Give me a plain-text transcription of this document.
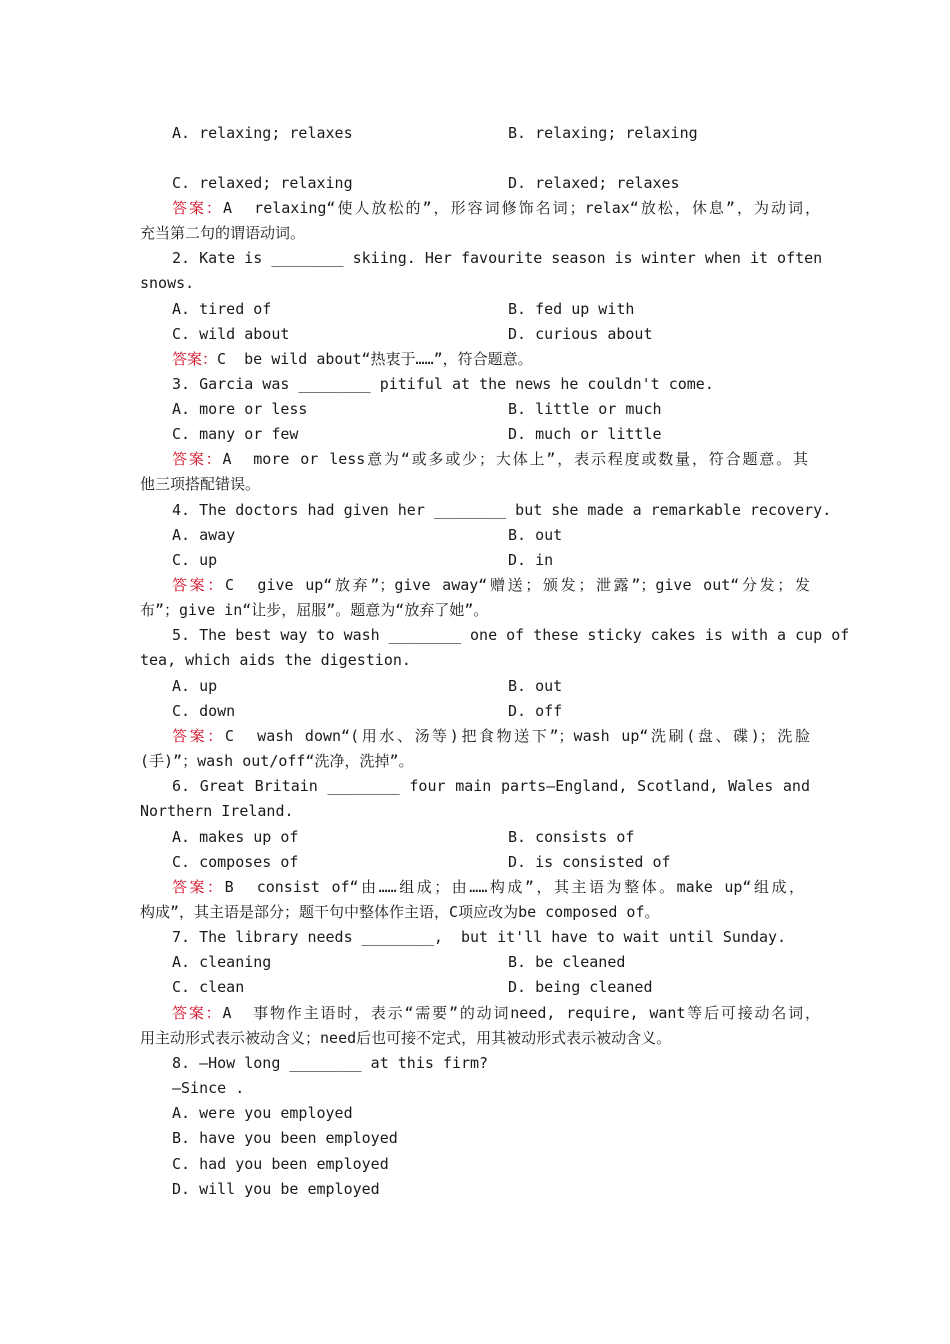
A. relaxing; relaxes	B. relaxing; relaxing
C. relaxed; relaxing	D. relaxed; relaxes
答案：A  relaxing“使人放松的”，形容词修饰名词；relax“放松，休息”，为动词，
充当第二句的谓语动词。
2. Kate is ________ skiing. Her favourite season is winter when it often
snows.
A. tired of	B. fed up with
C. wild about	D. curious about
答案：C  be wild about“热衷于……”，符合题意。
3. Garcia was ________ pitiful at the news he couldn't come.
A. more or less	B. little or much
C. many or few	D. much or little
答案：A  more or less意为“或多或少；大体上”，表示程度或数量，符合题意。其
他三项搭配错误。
4. The doctors had given her ________ but she made a remarkable recovery.
A. away	B. out
C. up	D. in
答案：C  give up“放弃”；give away“赠送；颁发；泄露”；give out“分发；发
布”；give in“让步，屈服”。题意为“放弃了她”。
5. The best way to wash ________ one of these sticky cakes is with a cup of
tea, which aids the digestion.
A. up	B. out
C. down	D. off
答案：C  wash down“(用水、汤等)把食物送下”；wash up“洗刷(盘、碟)；洗脸
(手)”；wash out/off“洗净，洗掉”。
6. Great Britain ________ four main parts—England, Scotland, Wales and
Northern Ireland.
A. makes up of	B. consists of
C. composes of	D. is consisted of
答案：B  consist of“由……组成；由……构成”，其主语为整体。make up“组成，
构成”，其主语是部分；题干句中整体作主语，C项应改为be composed of。
7. The library needs ________,  but it'll have to wait until Sunday.
A. cleaning	B. be cleaned
C. clean	D. being cleaned
答案：A  事物作主语时，表示“需要”的动词need, require, want等后可接动名词，
用主动形式表示被动含义；need后也可接不定式，用其被动形式表示被动含义。
8. —How long ________ at this firm?
—Since .
A. were you employed
B. have you been employed
C. had you been employed
D. will you be employed
